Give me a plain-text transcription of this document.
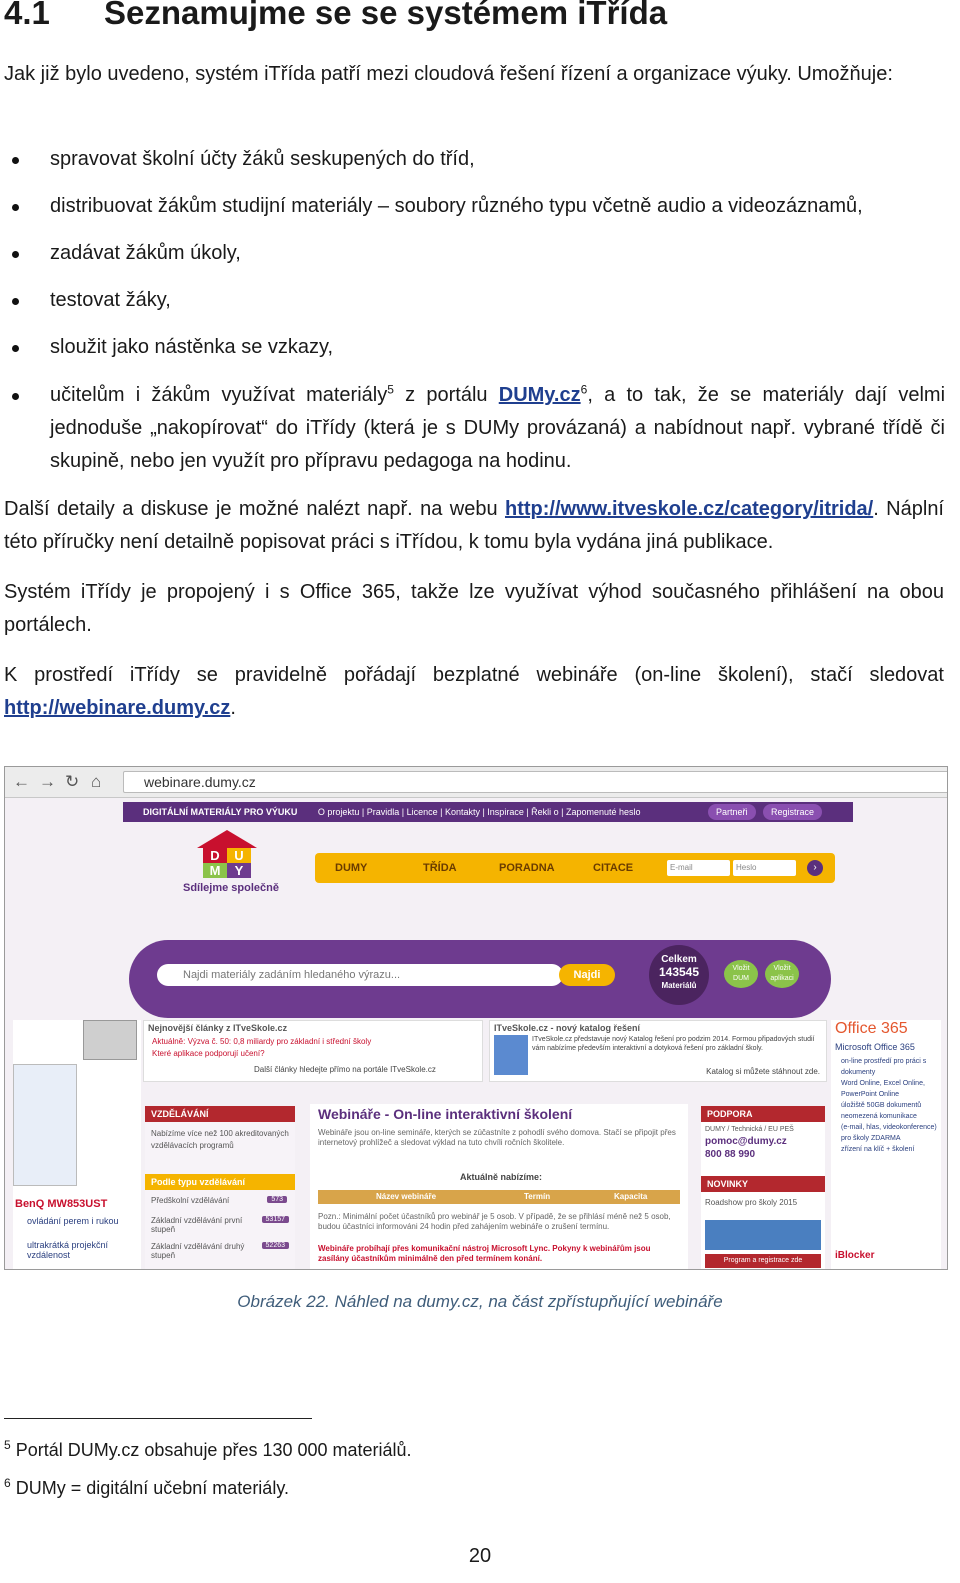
4.1 Seznamujme se se systémem iTřída

Jak již bylo uvedeno, systém iTřída patří mezi cloudová řešení řízení a organizace výuky. Umožňuje:

spravovat školní účty žáků seskupených do tříd,
distribuovat žákům studijní materiály – soubory různého typu včetně audio a videozáznamů,
zadávat žákům úkoly,
testovat žáky,
sloužit jako nástěnka se vzkazy,
učitelům i žákům využívat materiály$^5$ z portálu $DUMy.cz^6$, a to tak, že se materiály dají velmi jednoduše „nakopírovat“ do iTřídy (která je s DUMy provázaná) a nabídnout např. vybrané třídě či skupině, nebo jen využít pro přípravu pedagoga na hodinu.

Další detaily a diskuse je možné nalézt např. na webu http://www.itveskole.cz/category/itrida/. Náplní této příručky není detailně popisovat práci s iTřídou, k tomu byla vydána jiná publikace.

Systém iTřídy je propojený i s Office 365, takže lze využívat výhod současného přihlášení na obou portálech.

K prostředí iTřídy se pravidelně pořádají bezplatné webináře (on-line školení), stačí sledovat http://webinare.dumy.cz.

← → ↻ ⌂	webinare.dumy.cz
DIGITÁLNÍ MATERIÁLY PRO VÝUKU O projektu | Pravidla | Licence | Kontakty | Inspirace | Řekli o | Zapomenuté heslo	Partneři	Registrace
D	U
M	Y
Sdílejme společně
DUMY	TŘÍDA	PORADNA	CITACE	E-mail	Heslo	›
Najdi materiály zadáním hledaného výrazu...	Najdi
Celkem
143545
Materiálů
Vložit DUM
Vložit aplikaci
BenQ MW853UST
ovládání perem i rukou
ultrakrátká projekční vzdálenost
Nejnovější články z ITveSkole.cz
Aktuálně: Výzva č. 50: 0,8 miliardy pro základní i střední školy
Které aplikace podporují učení?
Další články hledejte přímo na portále ITveSkole.cz
ITveSkole.cz - nový katalog řešení
ITveSkole.cz představuje nový Katalog řešení pro podzim 2014. Formou připadových studií vám nabízíme především interaktivní a dotyková řešení pro základní školy.
Katalog si můžete stáhnout zde.
Office 365
Microsoft Office 365
on-line prostředí pro práci s dokumenty
Word Online, Excel Online,
PowerPoint Online
úložiště 50GB dokumentů
neomezená komunikace
(e-mail, hlas, videokonference)
pro školy ZDARMA
zřízení na klíč + školení
iBlocker
VZDĚLÁVÁNÍ
Nabízíme více než 100 akreditovaných vzdělávacích programů
Podle typu vzdělávání
Předškolní vzdělávání	573
Základní vzdělávání první stupeň
53157
Základní vzdělávání druhý stupeň
52263
Webináře - On-line interaktivní školení
Webináře jsou on-line semináře, kterých se zúčastníte z pohodlí svého domova. Stačí se připojit přes internetový prohlížeč a sledovat výklad na tuto chvíli ročních školitele.
Aktuálně nabízíme:
Název webináře	Termín	Kapacita
Pozn.: Minimální počet účastníků pro webinář je 5 osob. V případě, že se přihlásí méně než 5 osob, budou účastníci informováni 24 hodin před zahájením webináře o zrušení termínu.
Webináře probíhají přes komunikační nástroj Microsoft Lync. Pokyny k webinářům jsou zasílány účastníkům minimálně den před termínem konání.
PODPORA
DUMY / Technická / EU PEŠ
pomoc@dumy.cz
800 88 990
NOVINKY
Roadshow pro školy 2015
Program a registrace zde
Obrázek 22. Náhled na dumy.cz, na část zpřístupňující webináře
$^5$ Portál DUMy.cz obsahuje přes 130 000 materiálů.
$^6$ DUMy = digitální učební materiály.
20
